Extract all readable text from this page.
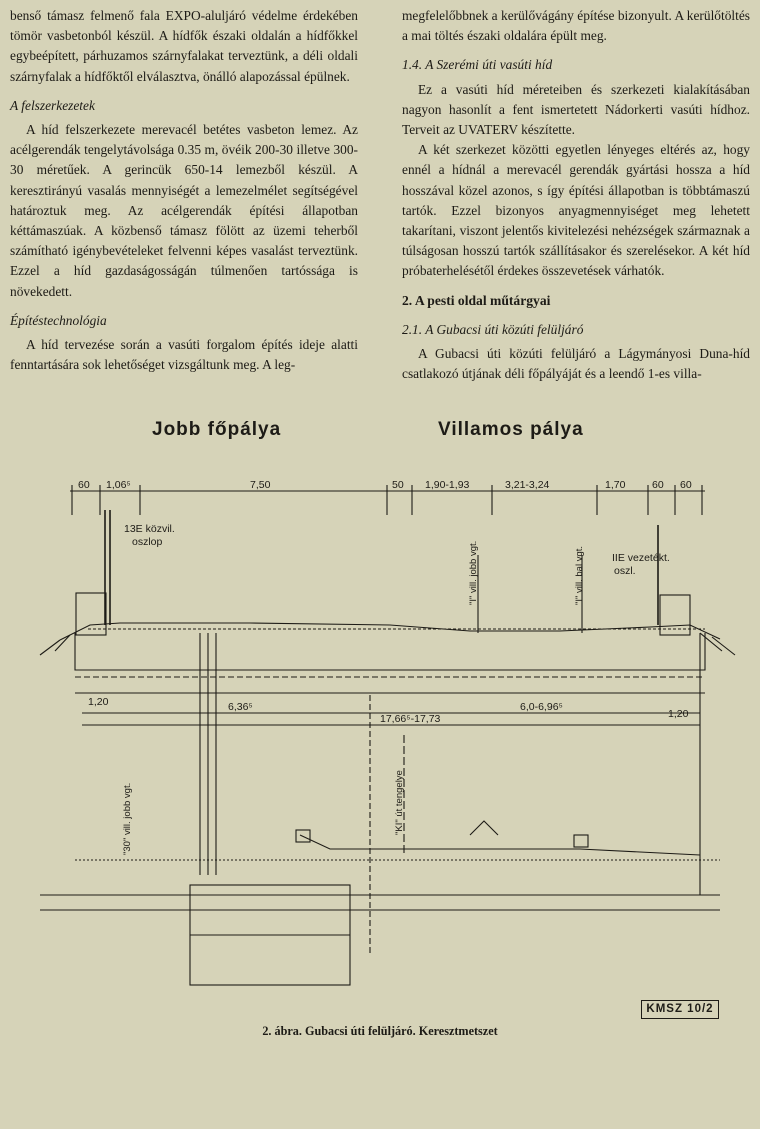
benső támasz felmenő fala EXPO-aluljáró védelme érdekében tömör vasbetonból készül. A hídfők északi oldalán a hídfőkkel egybeépített, párhuzamos szárnyfalakat terveztünk, a déli oldali szárnyfalak a hídfőktől elválasztva, önálló alapozással épülnek.

A felszerkezetek

A híd felszerkezete merevacél betétes vasbeton lemez. Az acélgerendák tengelytávolsága 0.35 m, övéik 200-30 illetve 300-30 méretűek. A gerincük 650-14 lemezből készül. A keresztirányú vasalás mennyiségét a lemezelmélet segítségével határoztuk meg. Az acélgerendák építési állapotban kéttámaszúak. A közbenső támasz fölött az üzemi teherből számítható igénybevételeket felvenni képes vasalást terveztünk. Ezzel a híd gazdaságosságán túlmenően tartóssága is növekedett.

Építéstechnológia

A híd tervezése során a vasúti forgalom építés ideje alatti fenntartására sok lehetőséget vizsgáltunk meg. A leg-

megfelelőbbnek a kerülővágány építése bizonyult. A kerülőtöltés a mai töltés északi oldalára épült meg.

1.4. A Szerémi úti vasúti híd

Ez a vasúti híd méreteiben és szerkezeti kialakításában nagyon hasonlít a fent ismertetett Nádorkerti vasúti hídhoz. Terveit az UVATERV készítette.

A két szerkezet közötti egyetlen lényeges eltérés az, hogy ennél a hídnál a merevacél gerendák gyártási hossza a híd hosszával közel azonos, s így építési állapotban is többtámaszú tartók. Ezzel bizonyos anyagmennyiséget meg lehetett takarítani, viszont jelentős kivitelezési nehézségek származnak a túlságosan hosszú tartók szállításakor és szerelésekor. A két híd próbaterhelésétől érdekes összevetések várhatók.

2. A pesti oldal műtárgyai
2.1. A Gubacsi úti közúti felüljáró

A Gubacsi úti közúti felüljáró a Lágymányosi Duna-híd csatlakozó útjának déli főpályáját és a leendő 1-es villa-

Jobb főpálya	Villamos pálya
60 1,06⁵	7,50	50 1,90-1,93	3,21-3,24	1,70	60 60
6,36⁵	6,0-6,96⁵
17,66⁵-17,73
1,20
1,20
13E közvil.
oszlop
IIE vezetékt.
oszl.
"I" vill. jobb vgt.	"I" vill. bal vgt.
"30" vill. jobb vgt.	"KI" út tengelye
KMSZ 10/2
2. ábra. Gubacsi úti felüljáró. Keresztmetszet
